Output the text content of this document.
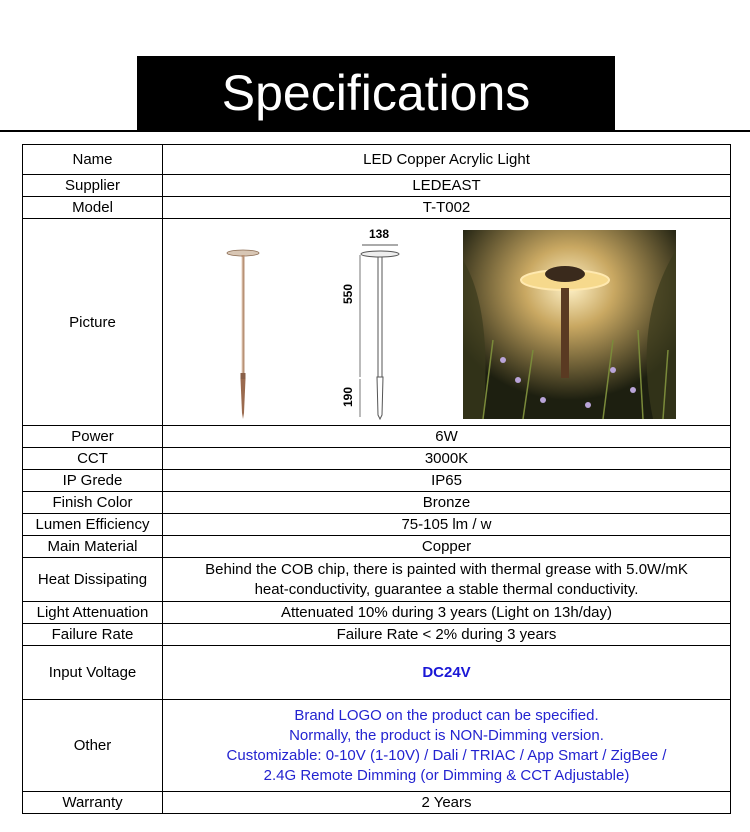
Specifications
Name	LED Copper Acrylic Light
Supplier	LEDEAST
Model	T-T002
Picture	138
550
190

Power	6W
CCT	3000K
IP Grede	IP65
Finish Color	Bronze
Lumen Efficiency	75-105 lm / w
Main Material	Copper
Heat Dissipating	Behind the COB chip, there is painted with thermal grease with 5.0W/mK
heat-conductivity, guarantee a stable thermal conductivity.

Light Attenuation	Attenuated 10% during 3 years (Light on 13h/day)
Failure Rate	Failure Rate < 2% during 3 years
Input Voltage	DC24V
Other	Brand LOGO on the product can be specified.
Normally, the product is NON-Dimming version.
Customizable: 0-10V (1-10V) / Dali / TRIAC / App Smart / ZigBee /
2.4G Remote Dimming (or Dimming & CCT Adjustable)

Warranty	2 Years
